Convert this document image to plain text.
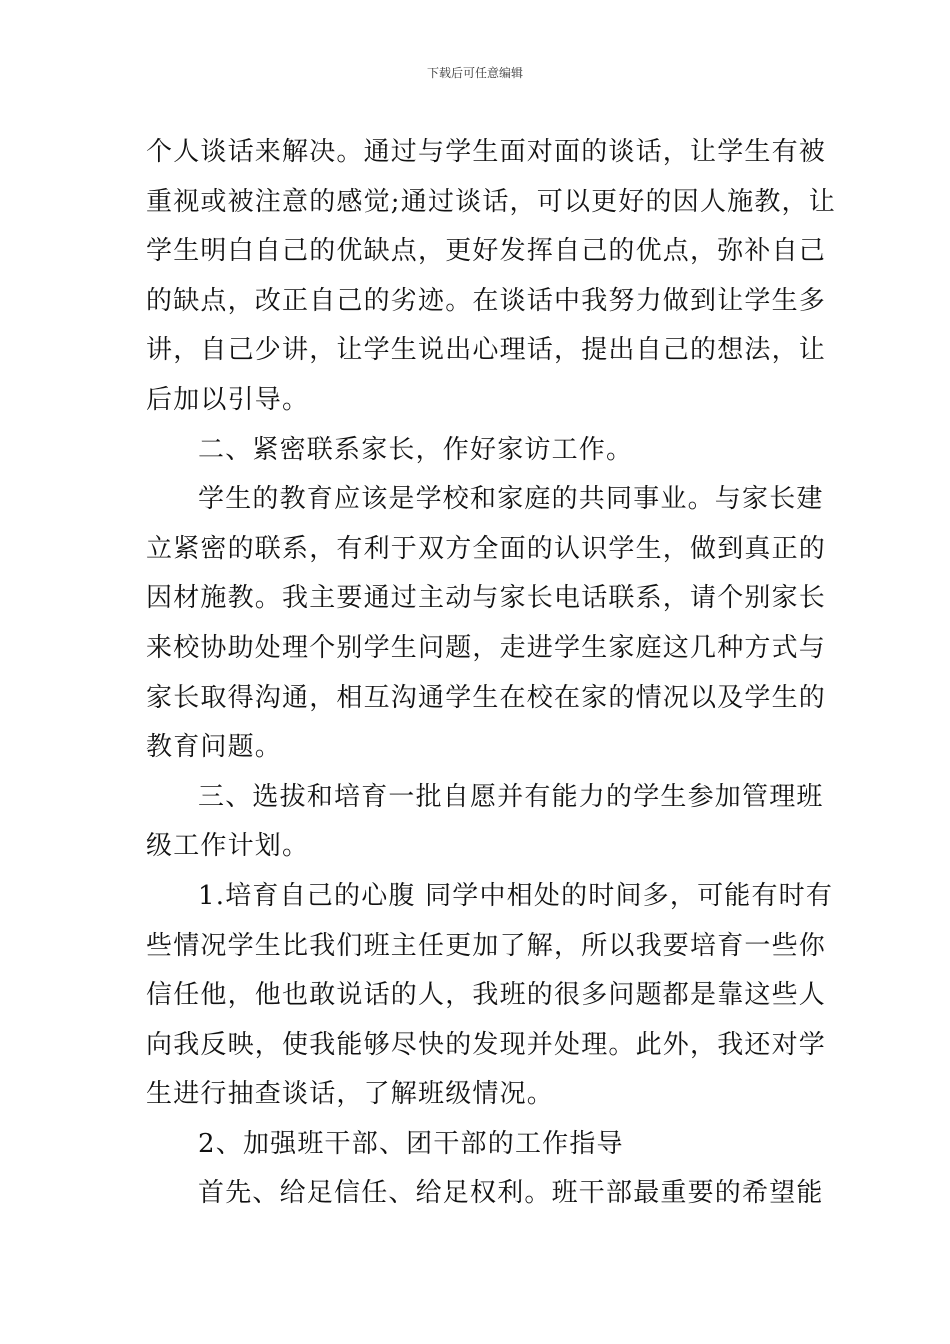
下载后可任意编辑
个人谈话来解决。通过与学生面对面的谈话，让学生有被
重视或被注意的感觉;通过谈话，可以更好的因人施教，让
学生明白自己的优缺点，更好发挥自己的优点，弥补自己
的缺点，改正自己的劣迹。在谈话中我努力做到让学生多
讲，自己少讲，让学生说出心理话，提出自己的想法，让
后加以引导。
二、紧密联系家长，作好家访工作。
学生的教育应该是学校和家庭的共同事业。与家长建
立紧密的联系，有利于双方全面的认识学生，做到真正的
因材施教。我主要通过主动与家长电话联系，请个别家长
来校协助处理个别学生问题，走进学生家庭这几种方式与
家长取得沟通，相互沟通学生在校在家的情况以及学生的
教育问题。
三、选拔和培育一批自愿并有能力的学生参加管理班
级工作计划。
1.培育自己的心腹 同学中相处的时间多，可能有时有
些情况学生比我们班主任更加了解，所以我要培育一些你
信任他，他也敢说话的人，我班的很多问题都是靠这些人
向我反映，使我能够尽快的发现并处理。此外，我还对学
生进行抽查谈话，了解班级情况。
2、加强班干部、团干部的工作指导
首先、给足信任、给足权利。班干部最重要的希望能
